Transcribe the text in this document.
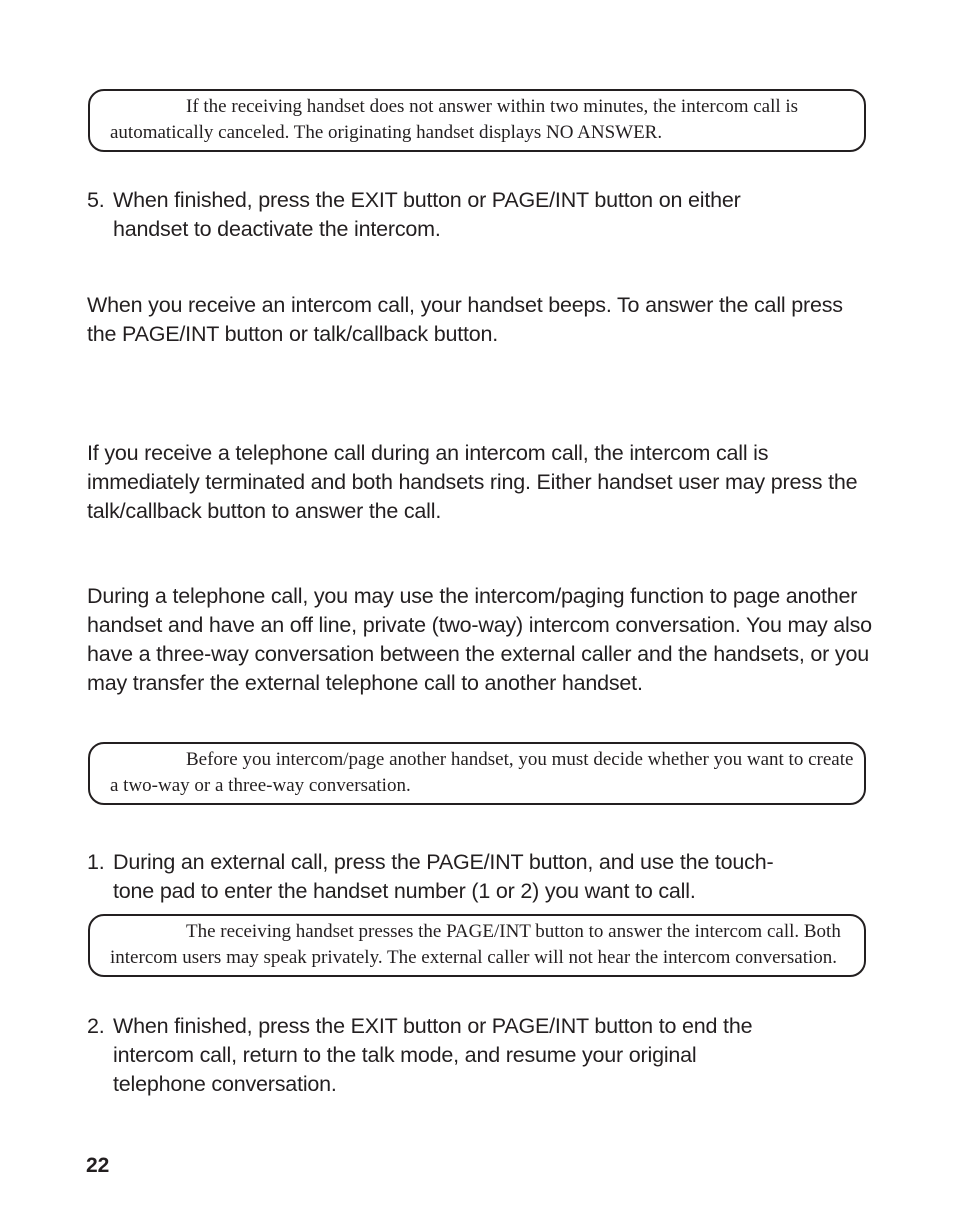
If the receiving handset does not answer within two minutes, the intercom call is automatically canceled. The originating handset displays NO ANSWER.
5. When finished, press the EXIT button or PAGE/INT button on either
handset to deactivate the intercom.

When you receive an intercom call, your handset beeps. To answer the call press the PAGE/INT button or talk/callback button.

If you receive a telephone call during an intercom call, the intercom call is immediately terminated and both handsets ring. Either handset user may press the talk/callback button to answer the call.

During a telephone call, you may use the intercom/paging function to page another handset and have an off line, private (two-way) intercom conversation. You may also have a three-way conversation between the external caller and the handsets, or you may transfer the external telephone call to another handset.

Before you intercom/page another handset, you must decide whether you want to create a two-way or a three-way conversation.
1. During an external call, press the PAGE/INT button, and use the touch-
tone pad to enter the handset number (1 or 2) you want to call.
The receiving handset presses the PAGE/INT button to answer the intercom call. Both intercom users may speak privately. The external caller will not hear the intercom conversation.
2. When finished, press the EXIT button or PAGE/INT button to end the
intercom call, return to the talk mode, and resume your original
telephone conversation.
22
